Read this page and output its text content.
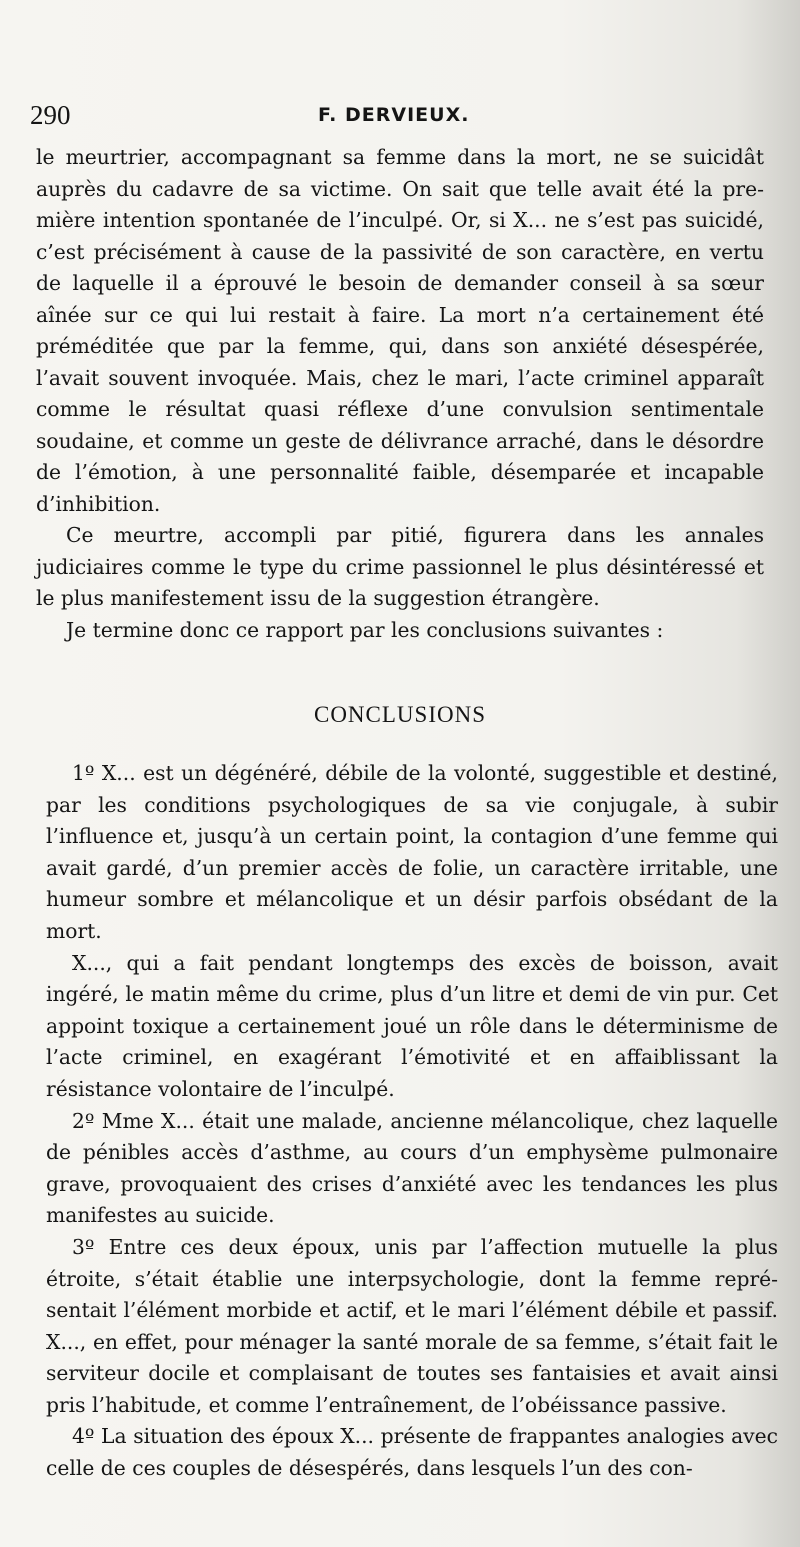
290	F. DERVIEUX.

le meurtrier, accompagnant sa femme dans la mort, ne se suicidât auprès du cadavre de sa victime. On sait que telle avait été la première intention spontanée de l’inculpé. Or, si X... ne s’est pas suicidé, c’est précisément à cause de la passivité de son caractère, en vertu de laquelle il a éprouvé le besoin de demander conseil à sa sœur aînée sur ce qui lui restait à faire. La mort n’a certainement été préméditée que par la femme, qui, dans son anxiété désespérée, l’avait souvent invoquée. Mais, chez le mari, l’acte criminel apparaît comme le résultat quasi réflexe d’une convulsion sentimentale soudaine, et comme un geste de délivrance arraché, dans le désordre de l’émotion, à une personnalité faible, désemparée et incapable d’inhibition.

Ce meurtre, accompli par pitié, figurera dans les annales judiciaires comme le type du crime passionnel le plus désintéressé et le plus manifestement issu de la suggestion étrangère.

Je termine donc ce rapport par les conclusions suivantes :

CONCLUSIONS

1º X... est un dégénéré, débile de la volonté, suggestible et destiné, par les conditions psychologiques de sa vie conjugale, à subir l’influence et, jusqu’à un certain point, la contagion d’une femme qui avait gardé, d’un premier accès de folie, un caractère irritable, une humeur sombre et mélancolique et un désir parfois obsédant de la mort.

X..., qui a fait pendant longtemps des excès de boisson, avait ingéré, le matin même du crime, plus d’un litre et demi de vin pur. Cet appoint toxique a certainement joué un rôle dans le déterminisme de l’acte criminel, en exagérant l’émotivité et en affaiblissant la résistance volontaire de l’inculpé.

2º Mme X... était une malade, ancienne mélancolique, chez laquelle de pénibles accès d’asthme, au cours d’un emphysème pulmonaire grave, provoquaient des crises d’anxiété avec les tendances les plus manifestes au suicide.

3º Entre ces deux époux, unis par l’affection mutuelle la plus étroite, s’était établie une interpsychologie, dont la femme représentait l’élément morbide et actif, et le mari l’élément débile et passif. X..., en effet, pour ménager la santé morale de sa femme, s’était fait le serviteur docile et complaisant de toutes ses fantaisies et avait ainsi pris l’habitude, et comme l’entraînement, de l’obéissance passive.

4º La situation des époux X... présente de frappantes analogies avec celle de ces couples de désespérés, dans lesquels l’un des con-
